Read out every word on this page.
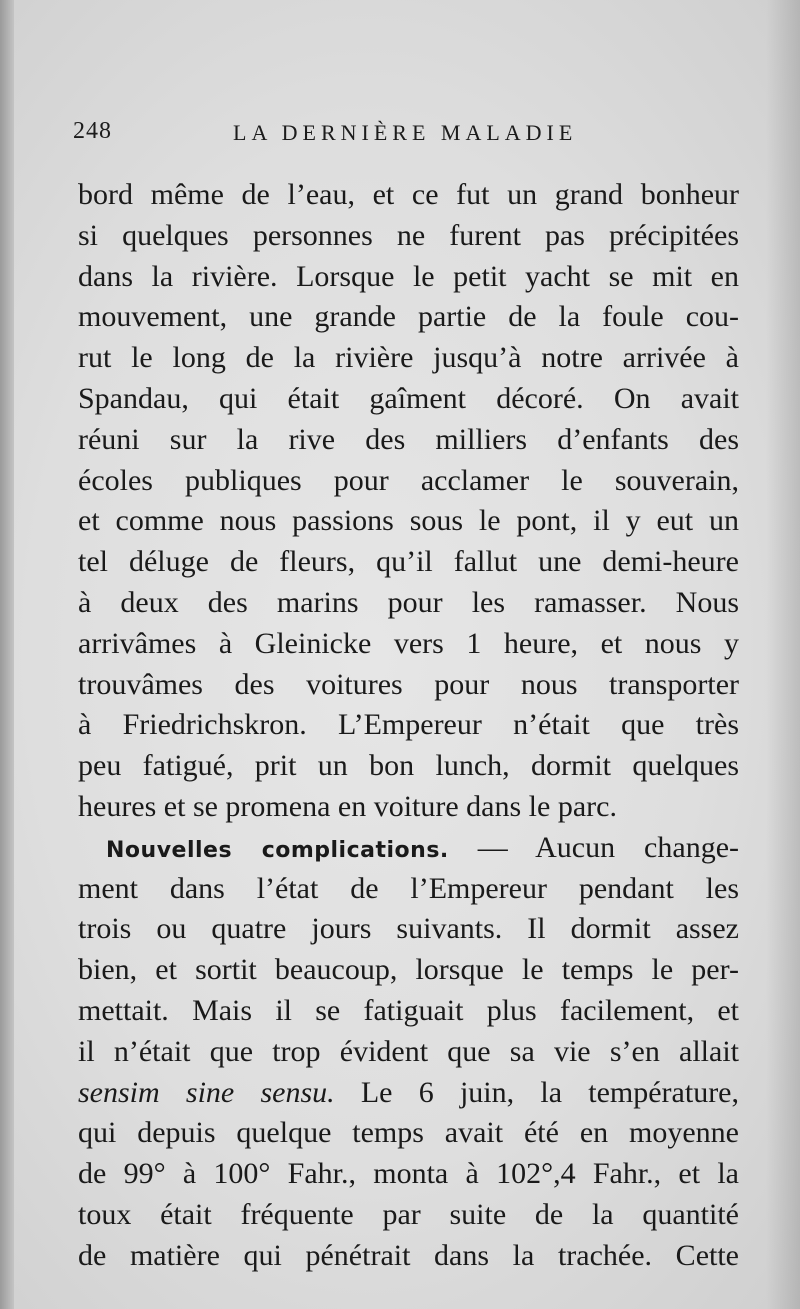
248	LA DERNIÈRE MALADIE
bord même de l’eau, et ce fut un grand bonheur
si quelques personnes ne furent pas précipitées
dans la rivière. Lorsque le petit yacht se mit en
mouvement, une grande partie de la foule cou-
rut le long de la rivière jusqu’à notre arrivée à
Spandau, qui était gaîment décoré. On avait
réuni sur la rive des milliers d’enfants des
écoles publiques pour acclamer le souverain,
et comme nous passions sous le pont, il y eut un
tel déluge de fleurs, qu’il fallut une demi-heure
à deux des marins pour les ramasser. Nous
arrivâmes à Gleinicke vers 1 heure, et nous y
trouvâmes des voitures pour nous transporter
à Friedrichskron. L’Empereur n’était que très
peu fatigué, prit un bon lunch, dormit quelques
heures et se promena en voiture dans le parc.
Nouvelles complications. — Aucun change-
ment dans l’état de l’Empereur pendant les
trois ou quatre jours suivants. Il dormit assez
bien, et sortit beaucoup, lorsque le temps le per-
mettait. Mais il se fatiguait plus facilement, et
il n’était que trop évident que sa vie s’en allait
sensim sine sensu. Le 6 juin, la température,
qui depuis quelque temps avait été en moyenne
de 99° à 100° Fahr., monta à 102°,4 Fahr., et la
toux était fréquente par suite de la quantité
de matière qui pénétrait dans la trachée. Cette
